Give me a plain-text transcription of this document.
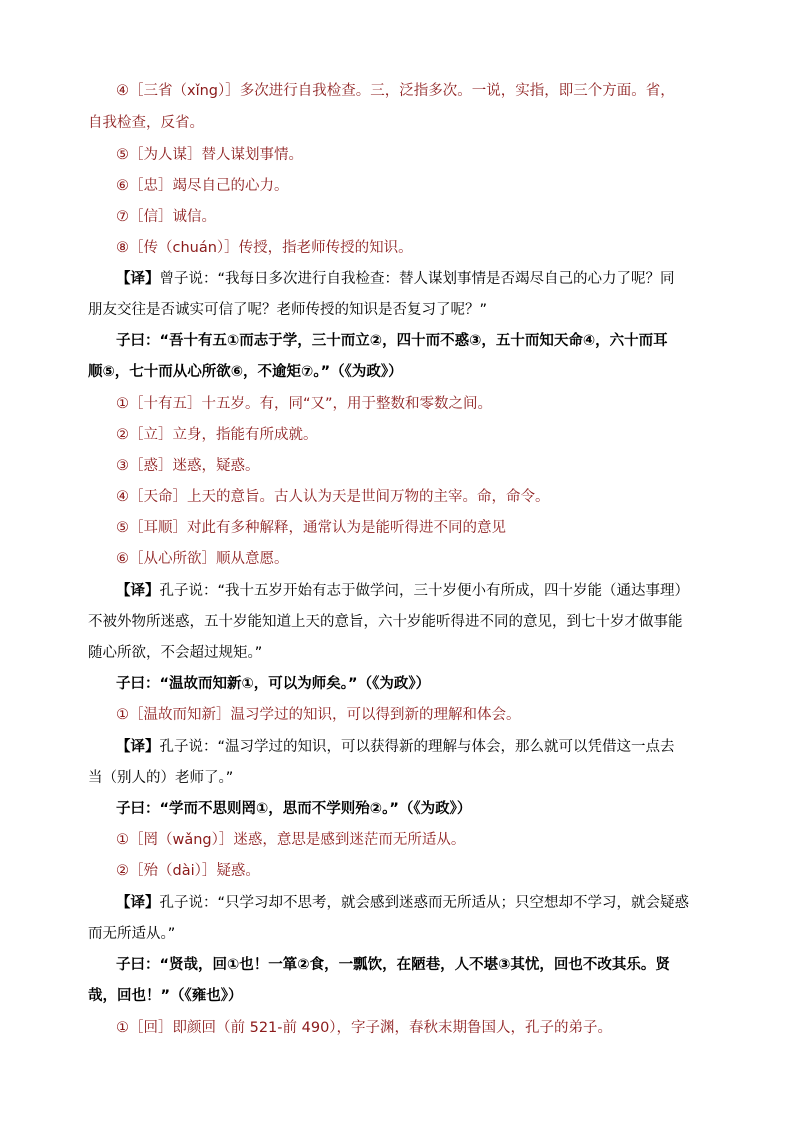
④［三省（xǐng）］多次进行自我检查。三，泛指多次。一说，实指，即三个方面。省，
自我检查，反省。
⑤［为人谋］替人谋划事情。
⑥［忠］竭尽自己的心力。
⑦［信］诚信。
⑧［传（chuán）］传授，指老师传授的知识。
【译】曾子说：“我每日多次进行自我检查：替人谋划事情是否竭尽自己的心力了呢？同
朋友交往是否诚实可信了呢？老师传授的知识是否复习了呢？”
子曰：“吾十有五①而志于学，三十而立②，四十而不惑③，五十而知天命④，六十而耳
顺⑤，七十而从心所欲⑥，不逾矩⑦。”（《为政》）
①［十有五］十五岁。有，同“又”，用于整数和零数之间。
②［立］立身，指能有所成就。
③［惑］迷惑，疑惑。
④［天命］上天的意旨。古人认为天是世间万物的主宰。命，命令。
⑤［耳顺］对此有多种解释，通常认为是能听得进不同的意见
⑥［从心所欲］顺从意愿。
【译】孔子说：“我十五岁开始有志于做学问，三十岁便小有所成，四十岁能（通达事理）
不被外物所迷惑，五十岁能知道上天的意旨，六十岁能听得进不同的意见，到七十岁才做事能
随心所欲，不会超过规矩。”
子曰：“温故而知新①，可以为师矣。”（《为政》）
①［温故而知新］温习学过的知识，可以得到新的理解和体会。
【译】孔子说：“温习学过的知识，可以获得新的理解与体会，那么就可以凭借这一点去
当（别人的）老师了。”
子曰：“学而不思则罔①，思而不学则殆②。”（《为政》）
①［罔（wǎng）］迷惑，意思是感到迷茫而无所适从。
②［殆（dài）］疑惑。
【译】孔子说：“只学习却不思考，就会感到迷惑而无所适从；只空想却不学习，就会疑惑
而无所适从。”
子曰：“贤哉，回①也！一箪②食，一瓢饮，在陋巷，人不堪③其忧，回也不改其乐。贤
哉，回也！”（《雍也》）
①［回］即颜回（前 521-前 490），字子渊，春秋末期鲁国人，孔子的弟子。
